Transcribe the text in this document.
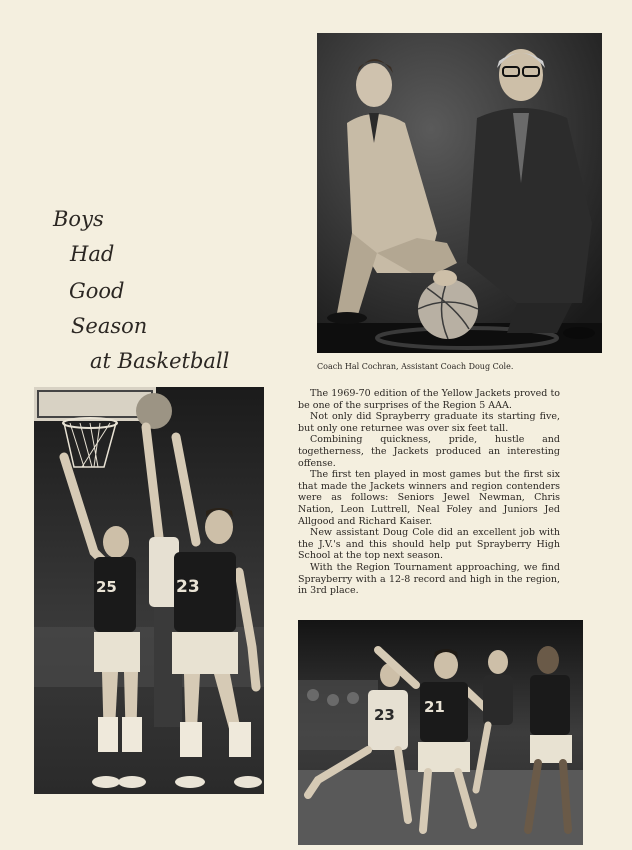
Boys
Had
Good
Season
at Basketball	Coach Hal Cochran, Assistant Coach Doug Cole.
25	23

The 1969-70 edition of the Yellow Jackets proved to be one of the surprises of the Region 5 AAA.

Not only did Sprayberry graduate its starting five, but only one returnee was over six feet tall.

Combining quickness, pride, hustle and togetherness, the Jackets produced an interesting offense.

The first ten played in most games but the first six that made the Jackets winners and region contenders were as follows: Seniors Jewel Newman, Chris Nation, Leon Luttrell, Neal Foley and Juniors Jed Allgood and Richard Kaiser.

New assistant Doug Cole did an excellent job with the J.V.'s and this should help put Sprayberry High School at the top next season.

With the Region Tournament approaching, we find Sprayberry with a 12-8 record and high in the region, in 3rd place.

23 21
